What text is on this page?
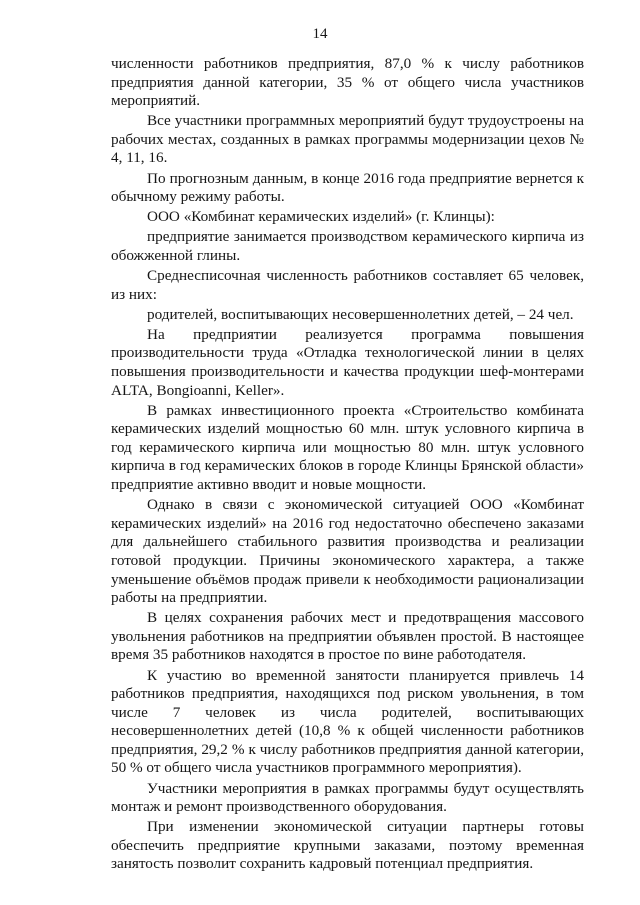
14

численности работников предприятия, 87,0 % к числу работников предприятия данной категории, 35 % от общего числа участников мероприятий.

Все участники программных мероприятий будут трудоустроены на рабочих местах, созданных в рамках программы модернизации цехов № 4, 11, 16.

По прогнозным данным, в конце 2016 года предприятие вернется к обычному режиму работы.

ООО «Комбинат керамических изделий» (г. Клинцы):

предприятие занимается производством керамического кирпича из обожженной глины.

Среднесписочная численность работников составляет 65 человек, из них:

родителей, воспитывающих несовершеннолетних детей, – 24 чел.

На предприятии реализуется программа повышения производительности труда «Отладка технологической линии в целях повышения производительности и качества продукции шеф-монтерами ALTA, Bongioanni, Keller».

В рамках инвестиционного проекта «Строительство комбината керамических изделий мощностью 60 млн. штук условного кирпича в год керамического кирпича или мощностью 80 млн. штук условного кирпича в год керамических блоков в городе Клинцы Брянской области» предприятие активно вводит и новые мощности.

Однако в связи с экономической ситуацией ООО «Комбинат керамических изделий» на 2016 год недостаточно обеспечено заказами для дальнейшего стабильного развития производства и реализации готовой продукции. Причины экономического характера, а также уменьшение объёмов продаж привели к необходимости рационализации работы на предприятии.

В целях сохранения рабочих мест и предотвращения массового увольнения работников на предприятии объявлен простой. В настоящее время 35 работников находятся в простое по вине работодателя.

К участию во временной занятости планируется привлечь 14 работников предприятия, находящихся под риском увольнения, в том числе 7 человек из числа родителей, воспитывающих несовершеннолетних детей (10,8 % к общей численности работников предприятия, 29,2 % к числу работников предприятия данной категории, 50 % от общего числа участников программного мероприятия).

Участники мероприятия в рамках программы будут осуществлять монтаж и ремонт производственного оборудования.

При изменении экономической ситуации партнеры готовы обеспечить предприятие крупными заказами, поэтому временная занятость позволит сохранить кадровый потенциал предприятия.
